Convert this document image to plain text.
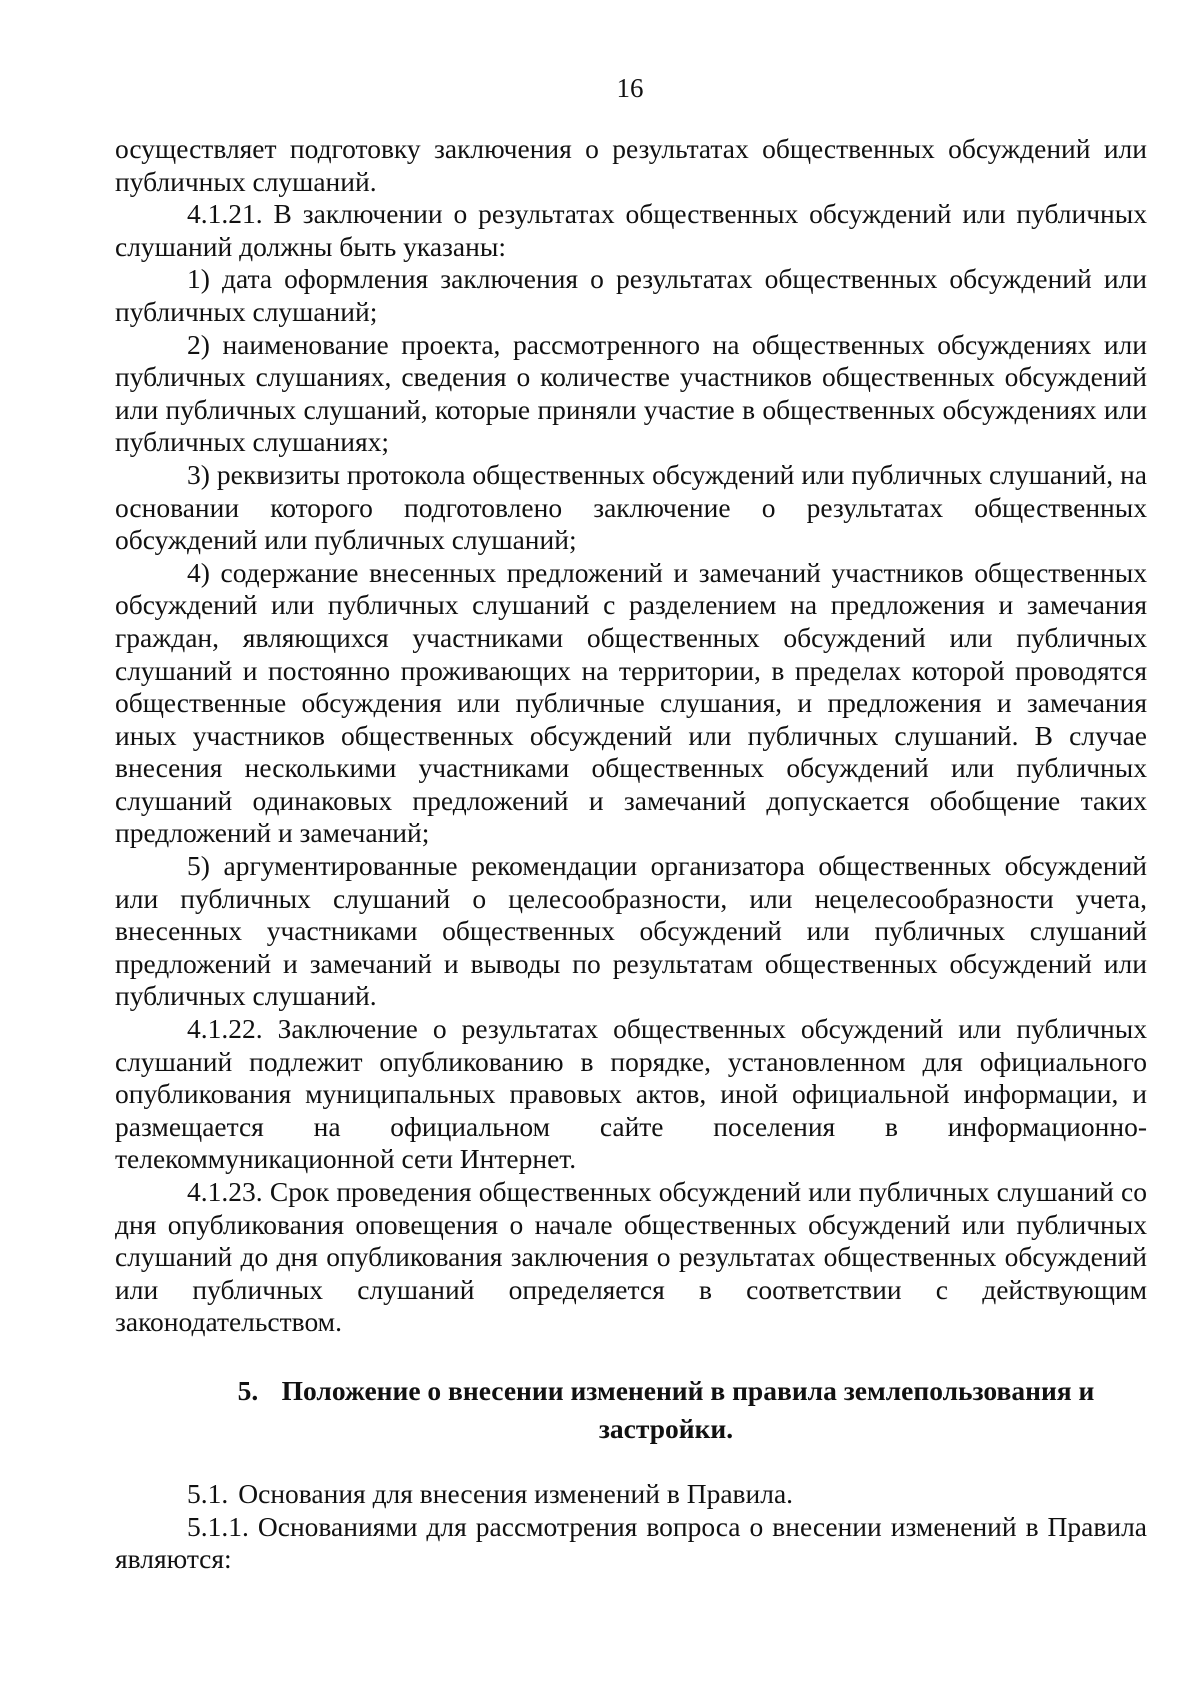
16

осуществляет подготовку заключения о результатах общественных обсуждений или публичных слушаний.

4.1.21. В заключении о результатах общественных обсуждений или публичных слушаний должны быть указаны:

1) дата оформления заключения о результатах общественных обсуждений или публичных слушаний;

2) наименование проекта, рассмотренного на общественных обсуждениях или публичных слушаниях, сведения о количестве участников общественных обсуждений или публичных слушаний, которые приняли участие в общественных обсуждениях или публичных слушаниях;

3) реквизиты протокола общественных обсуждений или публичных слушаний, на основании которого подготовлено заключение о результатах общественных обсуждений или публичных слушаний;

4) содержание внесенных предложений и замечаний участников общественных обсуждений или публичных слушаний с разделением на предложения и замечания граждан, являющихся участниками общественных обсуждений или публичных слушаний и постоянно проживающих на территории, в пределах которой проводятся общественные обсуждения или публичные слушания, и предложения и замечания иных участников общественных обсуждений или публичных слушаний. В случае внесения несколькими участниками общественных обсуждений или публичных слушаний одинаковых предложений и замечаний допускается обобщение таких предложений и замечаний;

5) аргументированные рекомендации организатора общественных обсуждений или публичных слушаний о целесообразности, или нецелесообразности учета, внесенных участниками общественных обсуждений или публичных слушаний предложений и замечаний и выводы по результатам общественных обсуждений или публичных слушаний.

4.1.22. Заключение о результатах общественных обсуждений или публичных слушаний подлежит опубликованию в порядке, установленном для официального опубликования муниципальных правовых актов, иной официальной информации, и размещается на официальном сайте поселения в информационно-телекоммуникационной сети Интернет.

4.1.23. Срок проведения общественных обсуждений или публичных слушаний со дня опубликования оповещения о начале общественных обсуждений или публичных слушаний до дня опубликования заключения о результатах общественных обсуждений или публичных слушаний определяется в соответствии с действующим законодательством.

5. Положение о внесении изменений в правила землепользования и застройки.

5.1. Основания для внесения изменений в Правила.

5.1.1. Основаниями для рассмотрения вопроса о внесении изменений в Правила являются:
